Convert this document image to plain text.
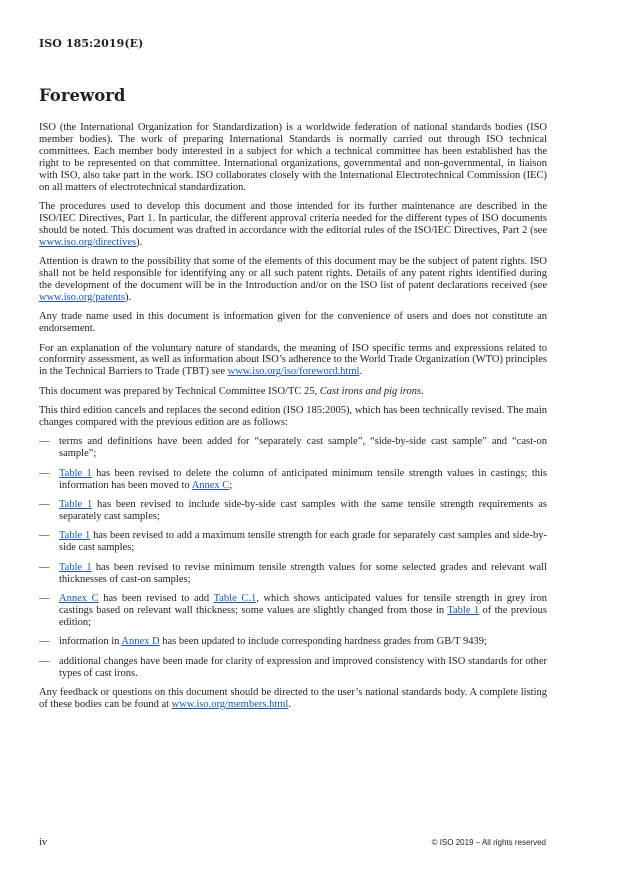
ISO 185:2019(E)
Foreword

ISO (the International Organization for Standardization) is a worldwide federation of national standards bodies (ISO member bodies). The work of preparing International Standards is normally carried out through ISO technical committees. Each member body interested in a subject for which a technical committee has been established has the right to be represented on that committee. International organizations, governmental and non-governmental, in liaison with ISO, also take part in the work. ISO collaborates closely with the International Electrotechnical Commission (IEC) on all matters of electrotechnical standardization.

The procedures used to develop this document and those intended for its further maintenance are described in the ISO/IEC Directives, Part 1. In particular, the different approval criteria needed for the different types of ISO documents should be noted. This document was drafted in accordance with the editorial rules of the ISO/IEC Directives, Part 2 (see www.iso.org/directives).

Attention is drawn to the possibility that some of the elements of this document may be the subject of patent rights. ISO shall not be held responsible for identifying any or all such patent rights. Details of any patent rights identified during the development of the document will be in the Introduction and/or on the ISO list of patent declarations received (see www.iso.org/patents).

Any trade name used in this document is information given for the convenience of users and does not constitute an endorsement.

For an explanation of the voluntary nature of standards, the meaning of ISO specific terms and expressions related to conformity assessment, as well as information about ISO’s adherence to the World Trade Organization (WTO) principles in the Technical Barriers to Trade (TBT) see www.iso.org/iso/foreword.html.

This document was prepared by Technical Committee ISO/TC 25, Cast irons and pig irons.

This third edition cancels and replaces the second edition (ISO 185:2005), which has been technically revised. The main changes compared with the previous edition are as follows:

— terms and definitions have been added for “separately cast sample”, “side-by-side cast sample” and “cast-on sample”;
— Table 1 has been revised to delete the column of anticipated minimum tensile strength values in castings; this information has been moved to Annex C;
— Table 1 has been revised to include side-by-side cast samples with the same tensile strength requirements as separately cast samples;
— Table 1 has been revised to add a maximum tensile strength for each grade for separately cast samples and side-by-side cast samples;
— Table 1 has been revised to revise minimum tensile strength values for some selected grades and relevant wall thicknesses of cast-on samples;
— Annex C has been revised to add Table C.1, which shows anticipated values for tensile strength in grey iron castings based on relevant wall thickness; some values are slightly changed from those in Table 1 of the previous edition;
— information in Annex D has been updated to include corresponding hardness grades from GB/T 9439;
— additional changes have been made for clarity of expression and improved consistency with ISO standards for other types of cast irons.

Any feedback or questions on this document should be directed to the user’s national standards body. A complete listing of these bodies can be found at www.iso.org/members.html.

iv	© ISO 2019 – All rights reserved
